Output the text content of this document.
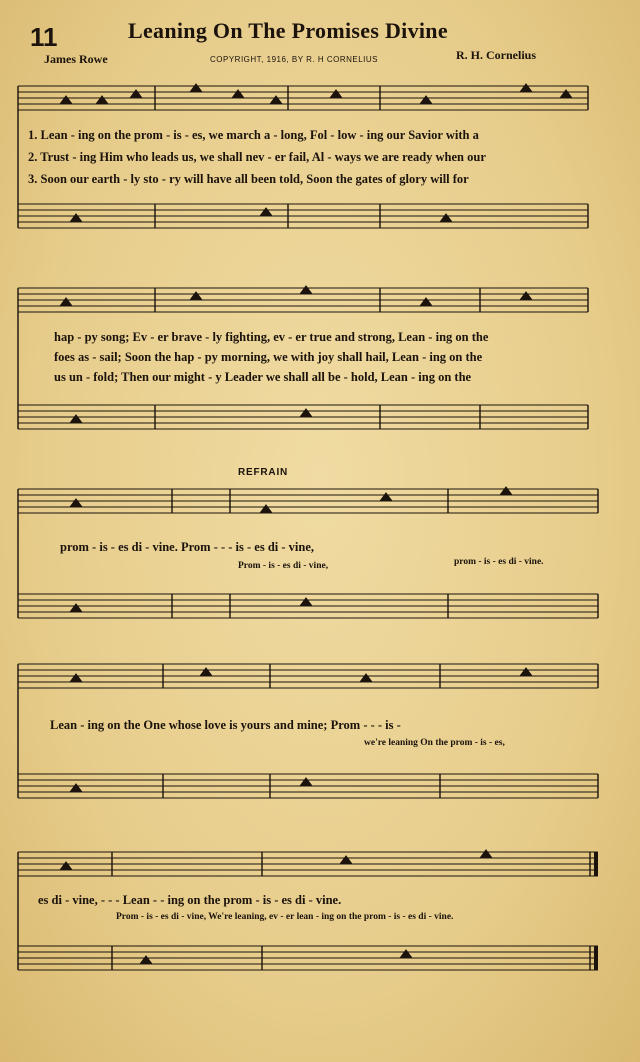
11	Leaning On The Promises Divine
James Rowe	COPYRIGHT, 1916, BY R. H CORNELIUS	R. H. Cornelius
REFRAIN
1. Lean - ing on the prom - is - es, we march a - long, Fol - low - ing our Savior with a
2. Trust - ing Him who leads us, we shall nev - er fail, Al - ways we are ready when our
3. Soon our earth - ly sto - ry will have all been told, Soon the gates of glory will for
hap - py song; Ev - er brave - ly fighting, ev - er true and strong, Lean - ing on the
foes as - sail; Soon the hap - py morning, we with joy shall hail, Lean - ing on the
us un - fold; Then our might - y Leader we shall all be - hold, Lean - ing on the
prom - is - es di - vine. Prom - - - is - es di - vine,
Prom - is - es di - vine,	prom - is - es di - vine.
Lean - ing on the One whose love is yours and mine; Prom - - - is -
we're leaning On the prom - is - es,
es di - vine, - - - Lean - - ing on the prom - is - es di - vine.
Prom - is - es di - vine, We're leaning, ev - er lean - ing on the prom - is - es di - vine.
